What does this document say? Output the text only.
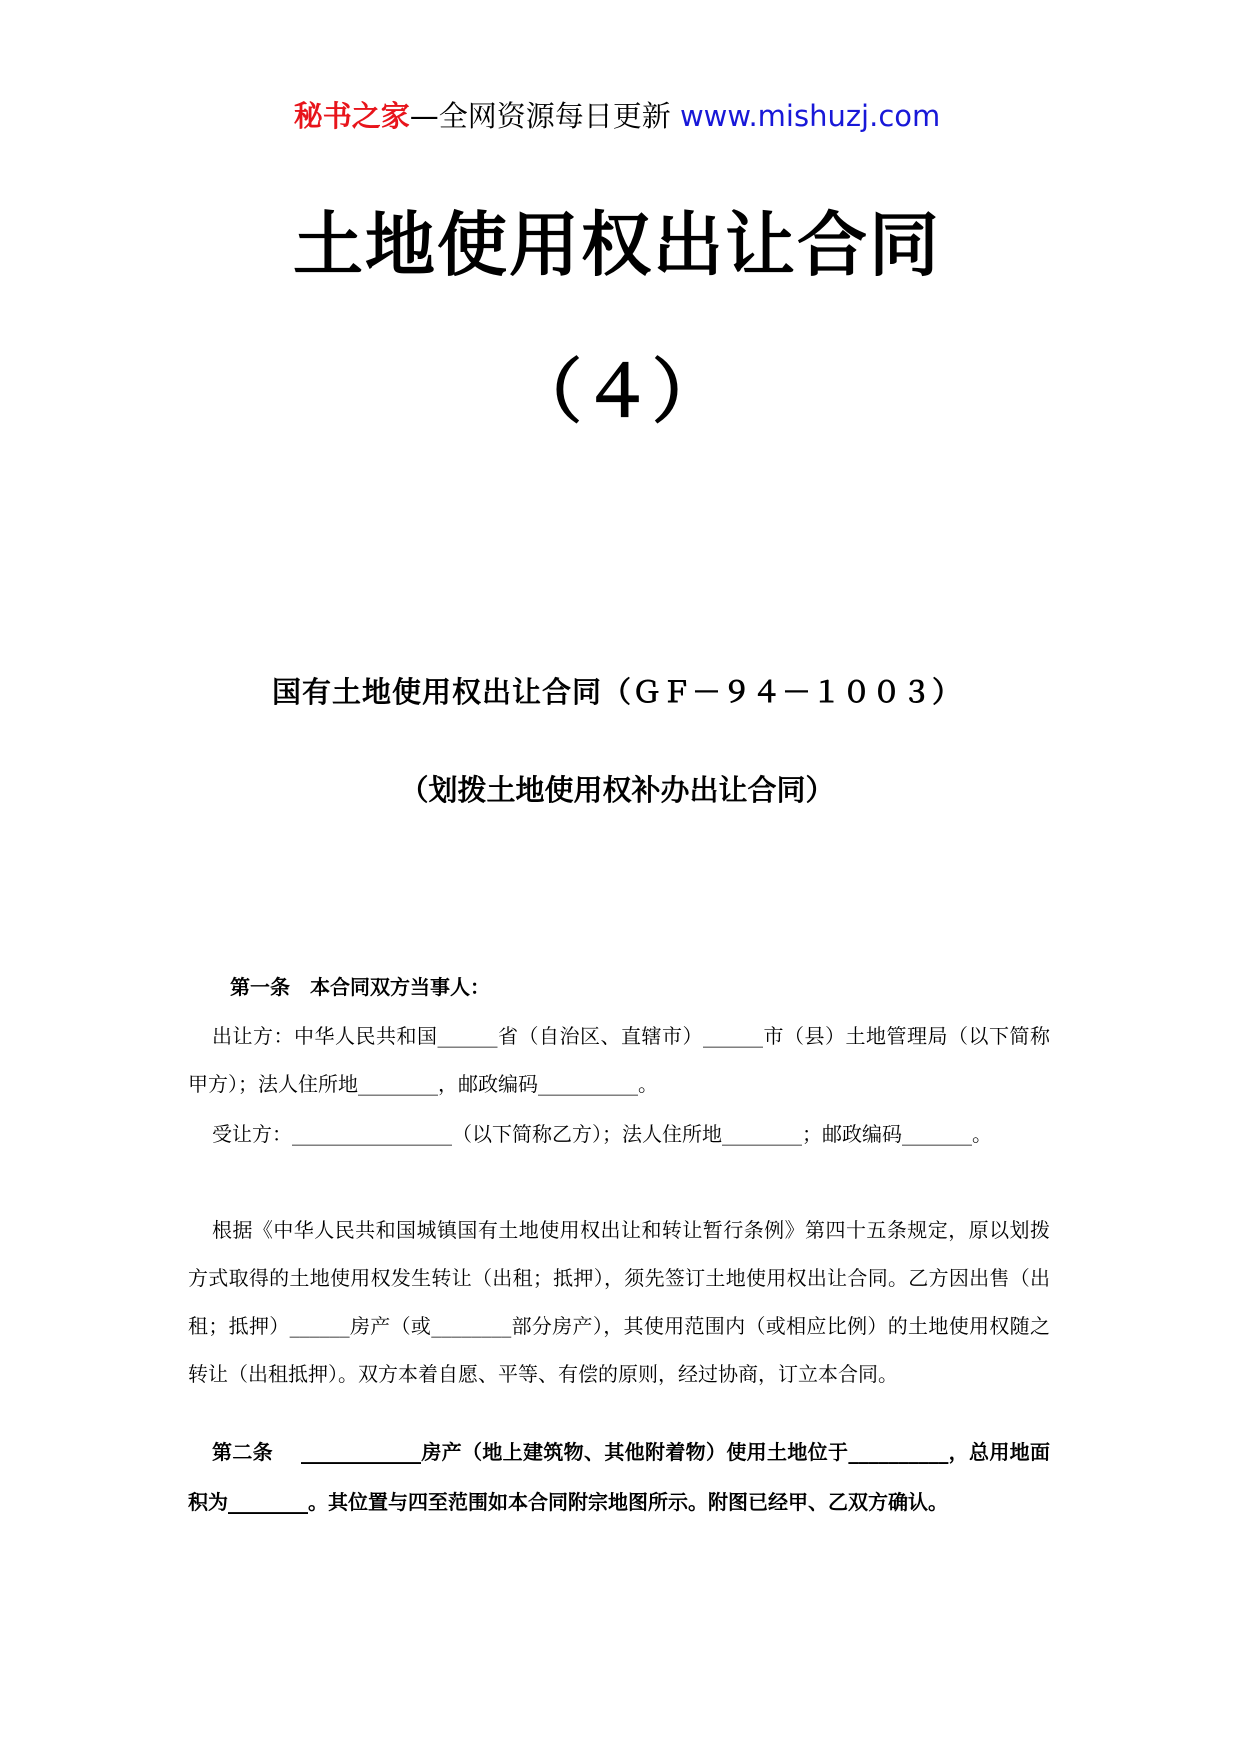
秘书之家—全网资源每日更新 www.mishuzj.com
土地使用权出让合同
（４）
国有土地使用权出让合同（ＧＦ－９４－１００３）
（划拨土地使用权补办出让合同）
第一条　本合同双方当事人：
出让方：中华人民共和国______省（自治区、直辖市）______市（县）土地管理局（以下简称甲方）；法人住所地________，邮政编码__________。
受让方：________________（以下简称乙方）；法人住所地________；邮政编码_______。
根据《中华人民共和国城镇国有土地使用权出让和转让暂行条例》第四十五条规定，原以划拨方式取得的土地使用权发生转让（出租；抵押），须先签订土地使用权出让合同。乙方因出售（出租；抵押）______房产（或________部分房产），其使用范围内（或相应比例）的土地使用权随之转让（出租抵押）。双方本着自愿、平等、有偿的原则，经过协商，订立本合同。
第二条 ____________房产（地上建筑物、其他附着物）使用土地位于__________，总用地面积为________。其位置与四至范围如本合同附宗地图所示。附图已经甲、乙双方确认。
